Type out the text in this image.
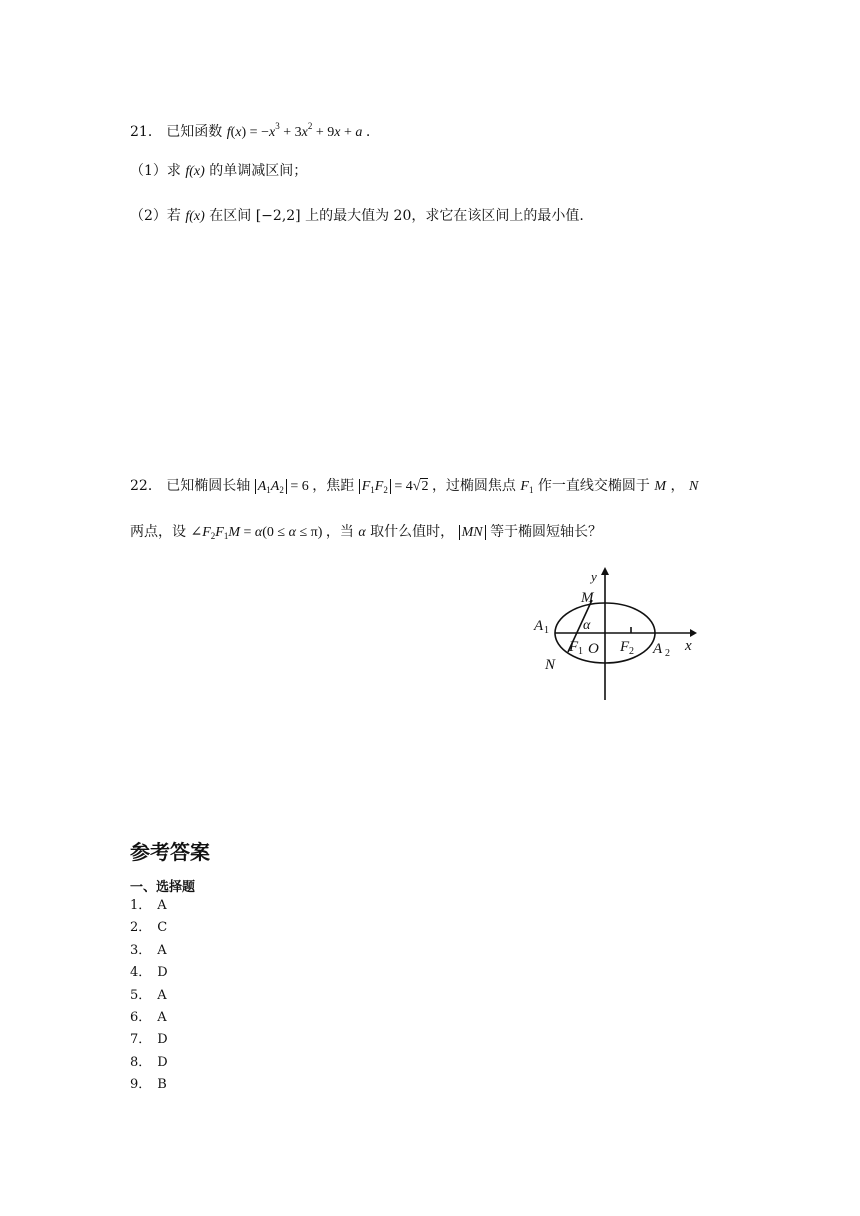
21． 已知函数 $f(x) = -x^3 + 3x^2 + 9x + a$ .
（1）求 f(x) 的单调减区间；
（2）若 f(x) 在区间 [−2,2] 上的最大值为 20，求它在该区间上的最小值.
22． 已知椭圆长轴 $A_1A_2 = 6$ ，焦距 $F_1F_2 = 4√2$ ，过椭圆焦点 $F_1$ 作一直线交椭圆于 M ， N
两点，设 $\angle F_2F_1M = \alpha(0 \le \alpha \le \pi)$ ，当 α 取什么值时， MN 等于椭圆短轴长？
y
x
M
N
A 1
A 2
F 1 F 2
O
α
参考答案
一、选择题
1． A
2． C
3． A
4． D
5． A
6． A
7． D
8． D
9． B
